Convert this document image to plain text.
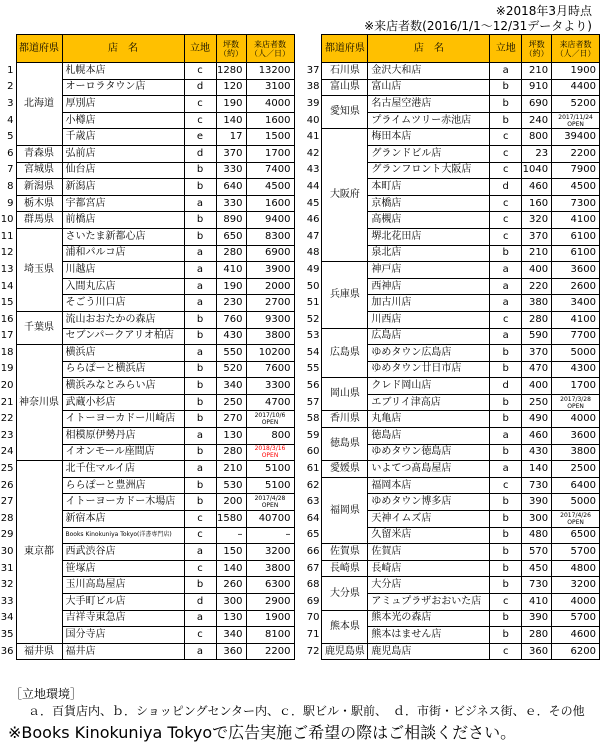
※2018年3月時点
※来店者数(2016/1/1～12/31データより)
	都道府県	店　名	立地	坪数
（約）	来店者数
（人／日）
1	北海道	札幌本店	c	1280	13200
2		オーロラタウン店	d	120	3100
3		厚別店	c	190	4000
4		小樽店	c	140	1600
5		千歳店	e	17	1500
6	青森県	弘前店	d	370	1700
7	宮城県	仙台店	b	330	7400
8	新潟県	新潟店	b	640	4500
9	栃木県	宇都宮店	a	330	1600
10	群馬県	前橋店	b	890	9400
11	埼玉県	さいたま新都心店	b	650	8300
12		浦和パルコ店	a	280	6900
13		川越店	a	410	3900
14		入間丸広店	a	190	2000
15		そごう川口店	a	230	2700
16	千葉県	流山おおたかの森店	b	760	9300
17		セブンパークアリオ柏店	b	430	3800
18	神奈川県	横浜店	a	550	10200
19		ららぽーと横浜店	b	520	7600
20		横浜みなとみらい店	b	340	3300
21		武蔵小杉店	b	250	4700
22		イトーヨーカドー川崎店	b	270	2017/10/6
OPEN
23		相模原伊勢丹店	a	130	800
24		イオンモール座間店	b	280	2018/3/16
OPEN
25	東京都	北千住マルイ店	a	210	5100
26		ららぽーと豊洲店	b	530	5100
27		イトーヨーカドー木場店	b	200	2017/4/28
OPEN
28		新宿本店	c	1580	40700
29		Books Kinokuniya Tokyo(洋書専門店)	c	–	–
30		西武渋谷店	a	150	3200
31		笹塚店	c	140	3800
32		玉川高島屋店	b	260	6300
33		大手町ビル店	d	300	2900
34		吉祥寺東急店	a	130	1900
35		国分寺店	c	340	8100
36	福井県	福井店	a	360	2200
	都道府県	店　名	立地	坪数
（約）	来店者数
（人／日）
37	石川県	金沢大和店	a	210	1900
38	富山県	富山店	b	910	4400
39	愛知県	名古屋空港店	b	690	5200
40		プライムツリー赤池店	b	240	2017/11/24
OPEN
41	大阪府	梅田本店	c	800	39400
42		グランドビル店	c	23	2200
43		グランフロント大阪店	c	1040	7900
44		本町店	d	460	4500
45		京橋店	c	160	7300
46		高槻店	c	320	4100
47		堺北花田店	c	370	6100
48		泉北店	b	210	6100
49	兵庫県	神戸店	a	400	3600
50		西神店	a	220	2600
51		加古川店	a	380	3400
52		川西店	c	280	4100
53	広島県	広島店	a	590	7700
54		ゆめタウン広島店	b	370	5000
55		ゆめタウン廿日市店	b	470	4300
56	岡山県	クレド岡山店	d	400	1700
57		エブリイ津高店	b	250	2017/3/28
OPEN
58	香川県	丸亀店	b	490	4000
59	徳島県	徳島店	a	460	3600
60		ゆめタウン徳島店	b	430	3800
61	愛媛県	いよてつ髙島屋店	a	140	2500
62	福岡県	福岡本店	c	730	6400
63		ゆめタウン博多店	b	390	5000
64		天神イムズ店	b	300	2017/4/26
OPEN
65		久留米店	b	480	6500
66	佐賀県	佐賀店	b	570	5700
67	長崎県	長崎店	b	450	4800
68	大分県	大分店	b	730	3200
69		アミュプラザおおいた店	c	410	4000
70	熊本県	熊本光の森店	b	390	5700
71		熊本はません店	b	280	4600
72	鹿児島県	鹿児島店	c	360	6200
［立地環境］
ａ．百貨店内、ｂ．ショッピングセンター内、ｃ．駅ビル・駅前、　ｄ．市街・ビジネス街、ｅ．その他
※Books Kinokuniya Tokyoで広告実施ご希望の際はご相談ください。
